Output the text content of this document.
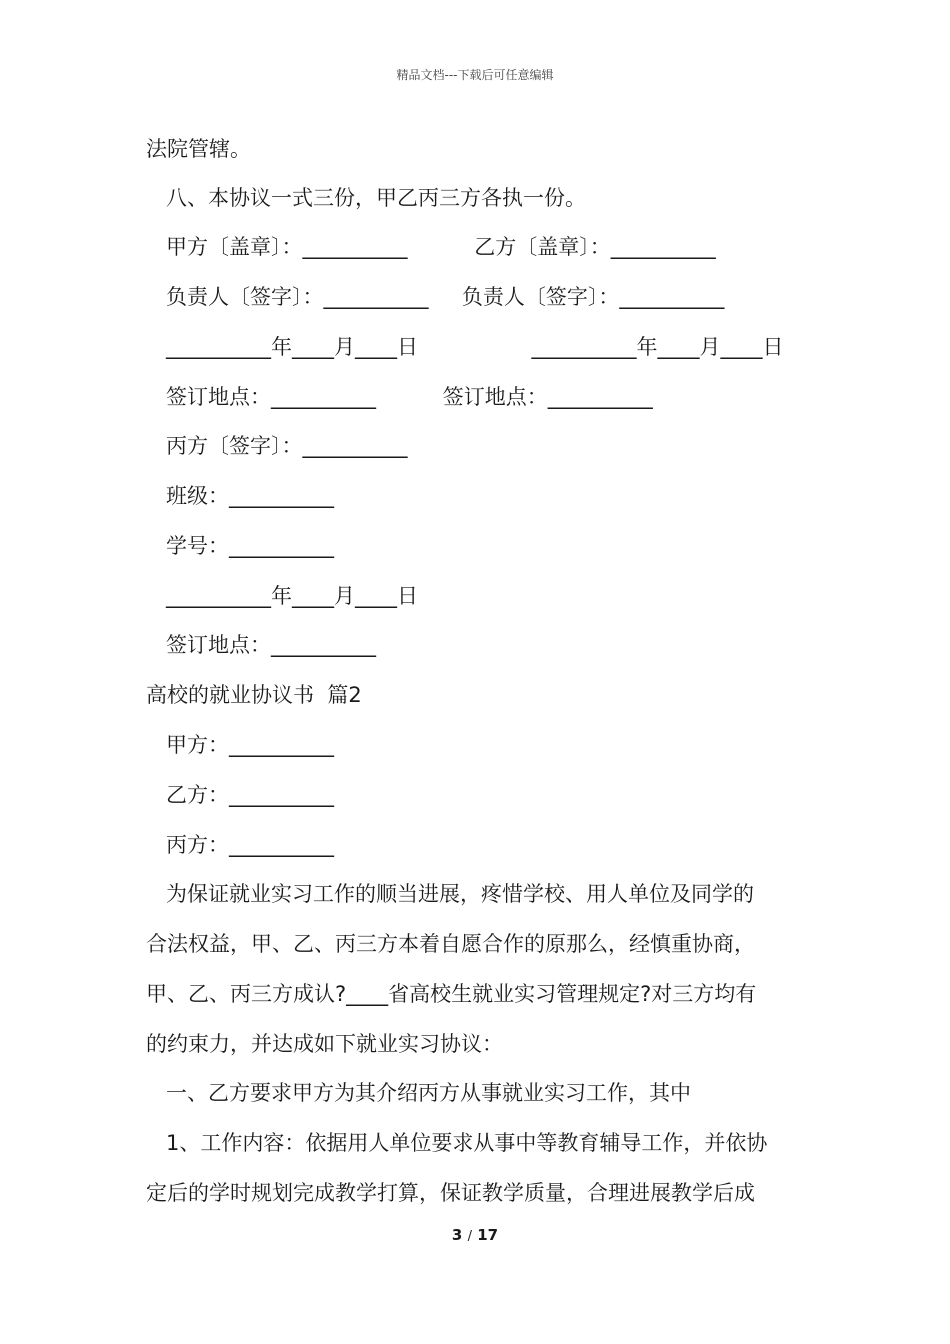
精品文档---下载后可任意编辑
法院管辖。
八、本协议一式三份，甲乙丙三方各执一份。
甲方〔盖章〕：__________          乙方〔盖章〕：__________
负责人〔签字〕：__________     负责人〔签字〕：__________
__________年____月____日                 __________年____月____日
签订地点：__________          签订地点：__________
丙方〔签字〕：__________
班级：__________
学号：__________
__________年____月____日
签订地点：__________
高校的就业协议书  篇2
甲方：__________
乙方：__________
丙方：__________
为保证就业实习工作的顺当进展，疼惜学校、用人单位及同学的
合法权益，甲、乙、丙三方本着自愿合作的原那么，经慎重协商，
甲、乙、丙三方成认?____省高校生就业实习管理规定?对三方均有
的约束力，并达成如下就业实习协议：
一、乙方要求甲方为其介绍丙方从事就业实习工作，其中
1、工作内容：依据用人单位要求从事中等教育辅导工作，并依协
定后的学时规划完成教学打算，保证教学质量，合理进展教学后成
3 / 17
